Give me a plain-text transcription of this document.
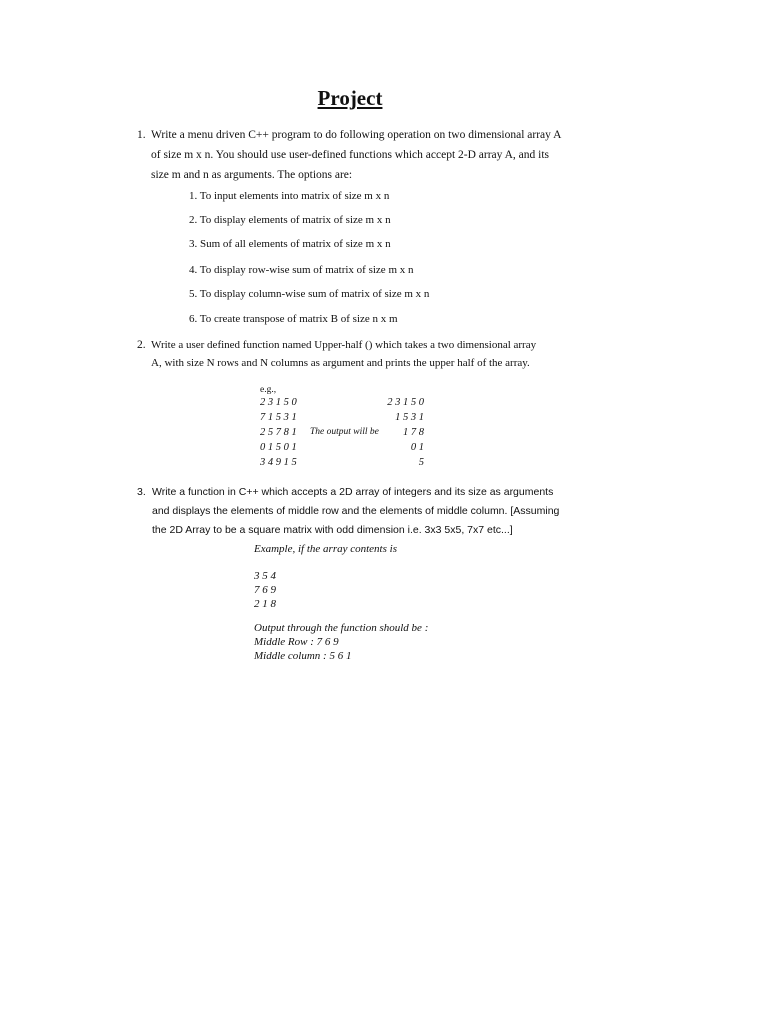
Project
1. Write a menu driven C++ program to do following operation on two dimensional array A
of size m x n. You should use user-defined functions which accept 2-D array A, and its
size m and n as arguments. The options are:
1. To input elements into matrix of size m x n
2. To display elements of matrix of size m x n
3. Sum of all elements of matrix of size m x n
4. To display row-wise sum of matrix of size m x n
5. To display column-wise sum of matrix of size m x n
6. To create transpose of matrix B of size n x m
2. Write a user defined function named Upper-half () which takes a two dimensional array
A, with size N rows and N columns as argument and prints the upper half of the array.
e.g.,
2 3 1 5 0
7 1 5 3 1
2 5 7 8 1
0 1 5 0 1
3 4 9 1 5
The output will be
2 3 1 5 0
1 5 3 1
1 7 8
0 1
5
3. Write a function in C++ which accepts a 2D array of integers and its size as arguments
and displays the elements of middle row and the elements of middle column. [Assuming
the 2D Array to be a square matrix with odd dimension i.e. 3x3 5x5, 7x7 etc...]
Example, if the array contents is
3 5 4
7 6 9
2 1 8
Output through the function should be :
Middle Row : 7 6 9
Middle column : 5 6 1
